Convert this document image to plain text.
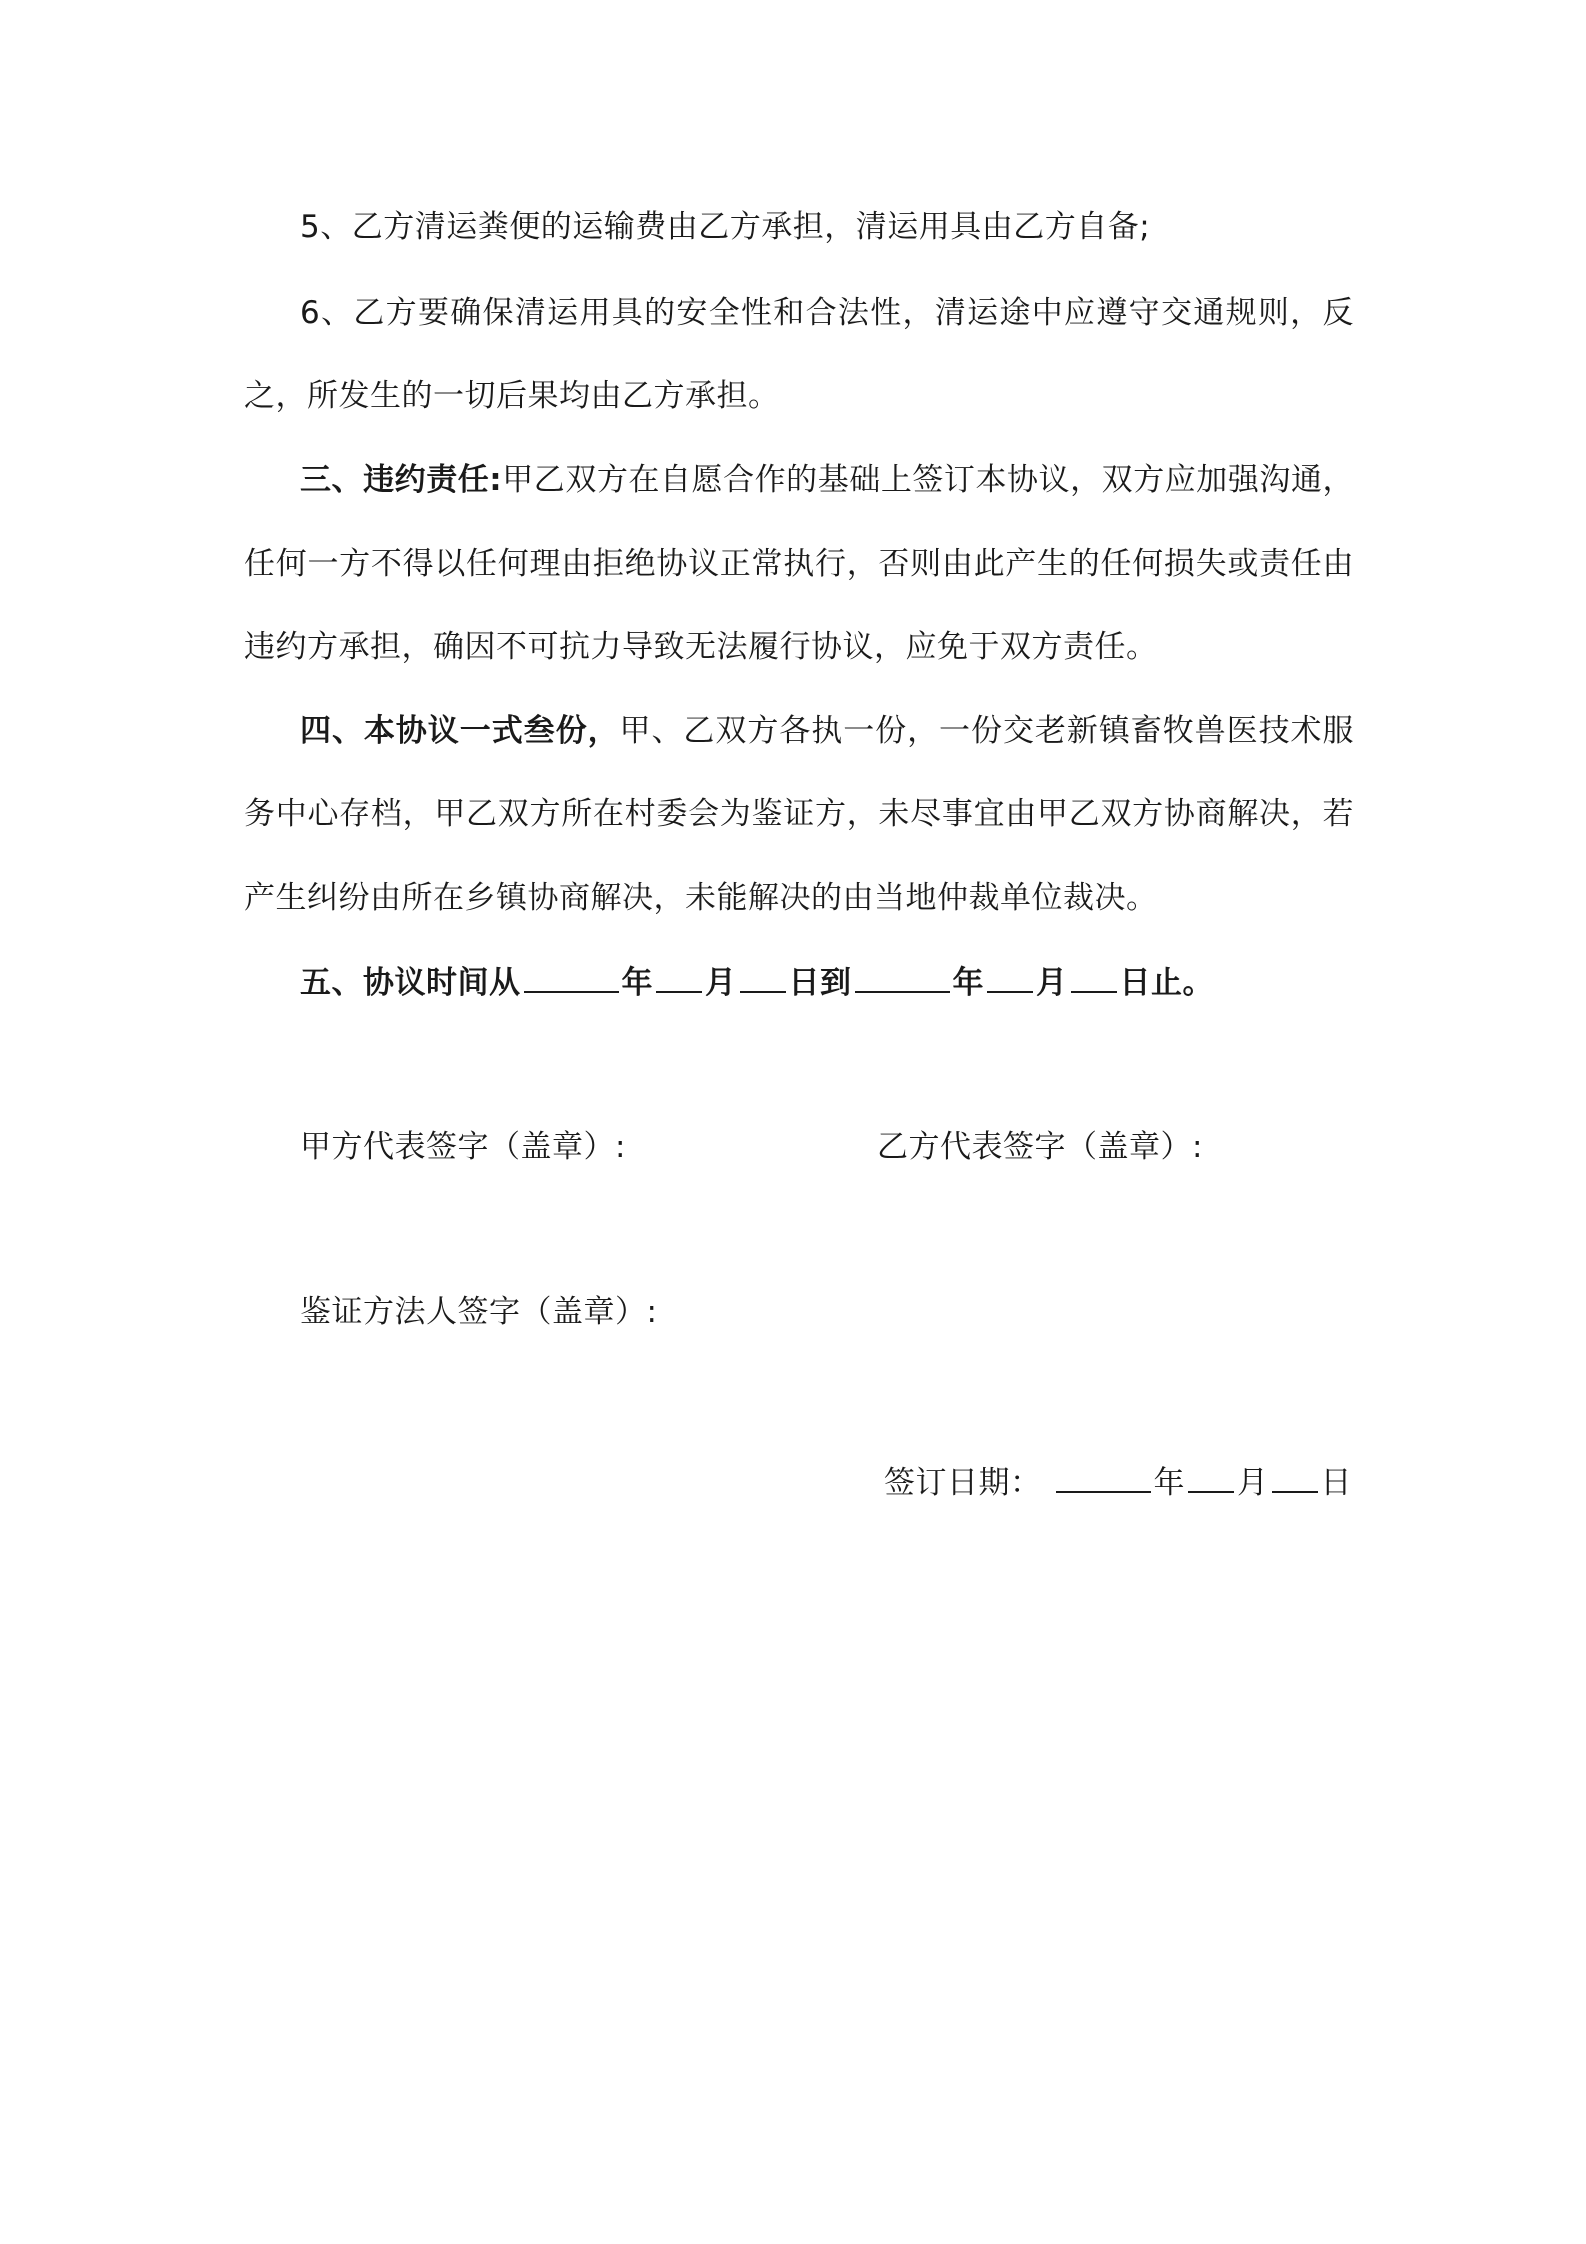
5、乙方清运粪便的运输费由乙方承担，清运用具由乙方自备;
6、乙方要确保清运用具的安全性和合法性，清运途中应遵守交通规则，反
之，所发生的一切后果均由乙方承担。
三、违约责任:甲乙双方在自愿合作的基础上签订本协议，双方应加强沟通，
任何一方不得以任何理由拒绝协议正常执行，否则由此产生的任何损失或责任由
违约方承担，确因不可抗力导致无法履行协议，应免于双方责任。
四、本协议一式叁份，甲、乙双方各执一份，一份交老新镇畜牧兽医技术服
务中心存档，甲乙双方所在村委会为鉴证方，未尽事宜由甲乙双方协商解决，若
产生纠纷由所在乡镇协商解决，未能解决的由当地仲裁单位裁决。
五、协议时间从	年 月 日到	年 月 日止。
甲方代表签字（盖章）:	乙方代表签字（盖章）:
鉴证方法人签字（盖章）:
签订日期：	年 月 日
